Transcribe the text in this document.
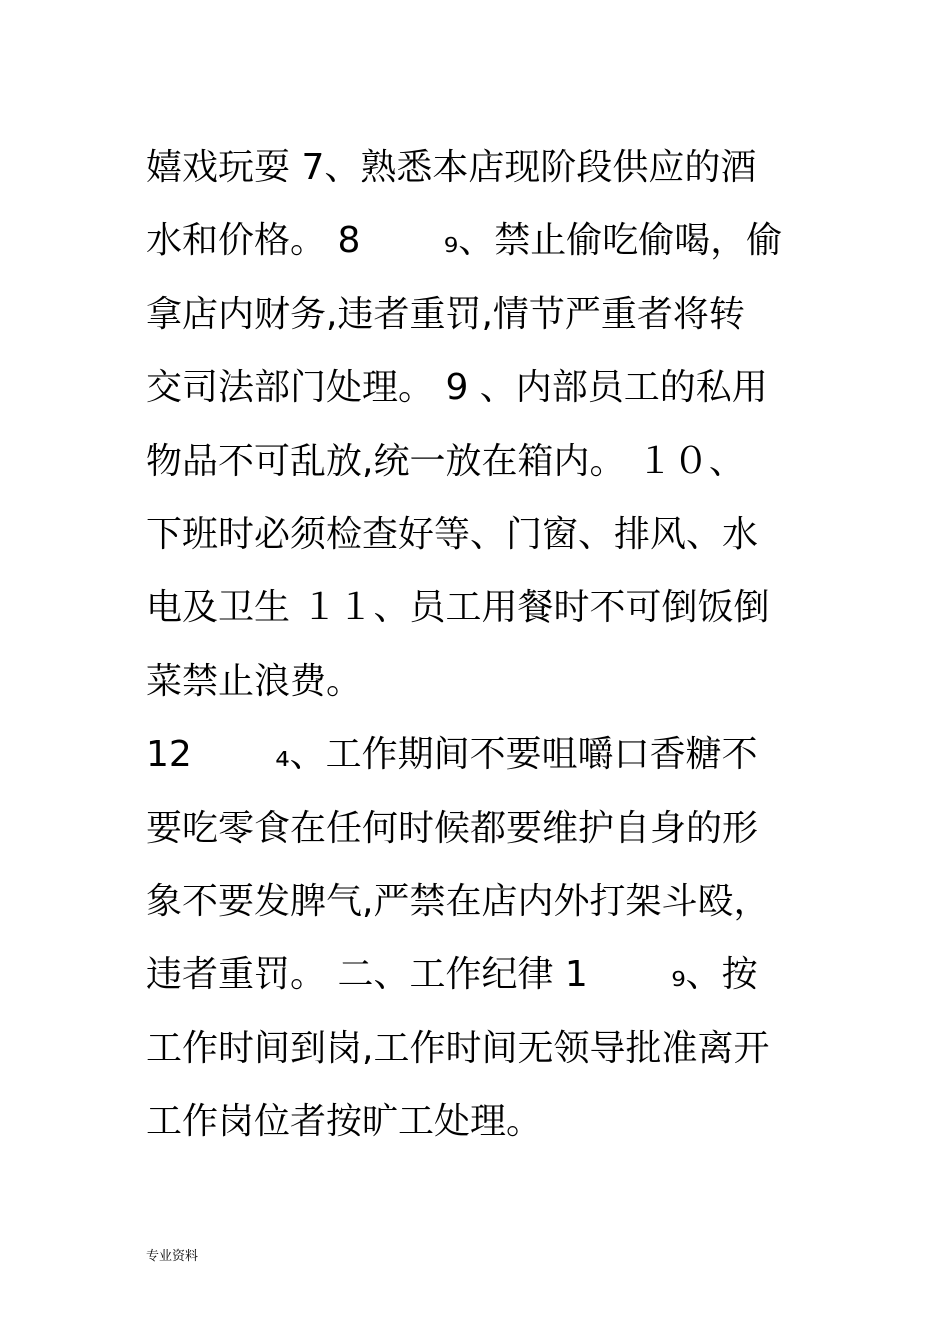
嬉戏玩耍 7、熟悉本店现阶段供应的酒
水和价格。 8　　 ₉、禁止偷吃偷喝，偷
拿店内财务,违者重罚,情节严重者将转
交司法部门处理。 9 、内部员工的私用
物品不可乱放,统一放在箱内。 １０、
下班时必须检查好等、门窗、排风、水
电及卫生 １１、员工用餐时不可倒饭倒
菜禁止浪费。
12　　 ₄、工作期间不要咀嚼口香糖不
要吃零食在任何时候都要维护自身的形
象不要发脾气,严禁在店内外打架斗殴，
违者重罚。 二、工作纪律 1　　 ₉、按
工作时间到岗,工作时间无领导批准离开
工作岗位者按旷工处理。
专业资料
